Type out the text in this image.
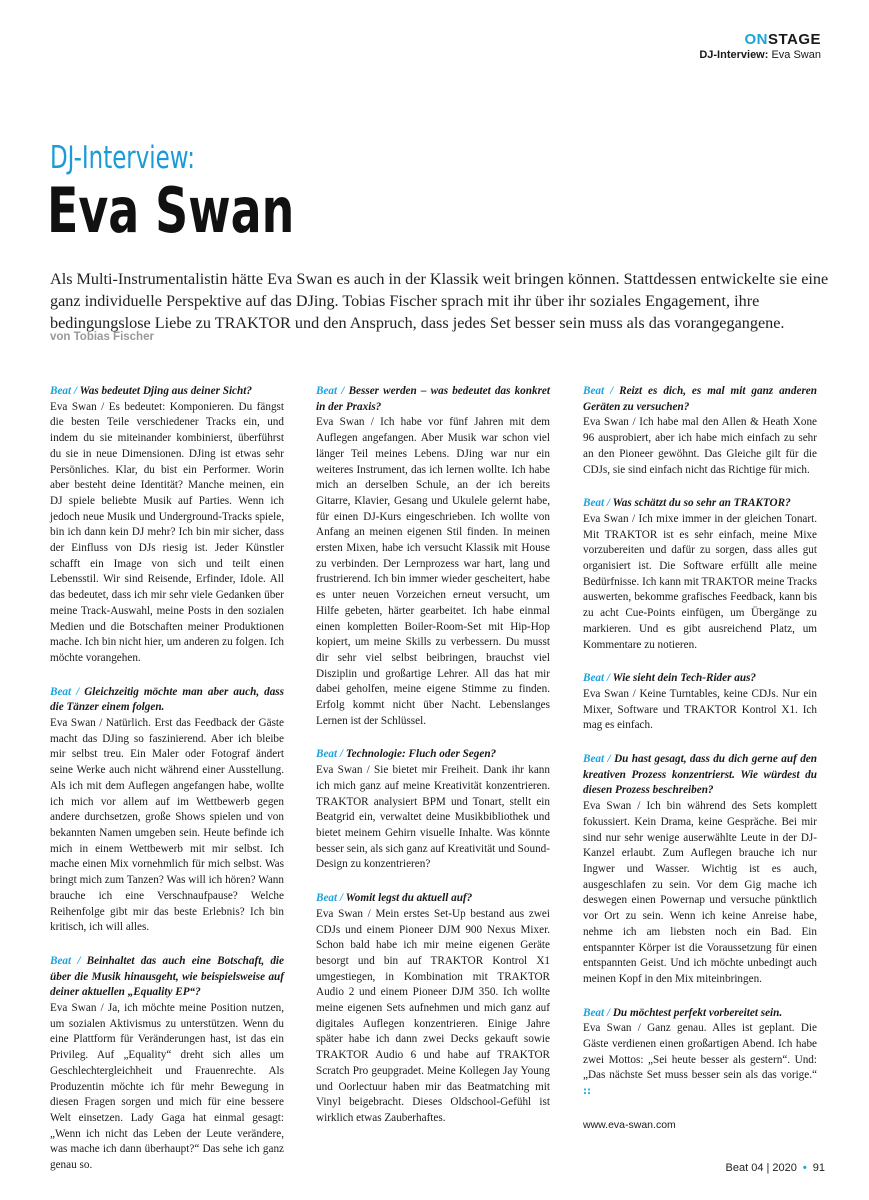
ONSTAGE
DJ-Interview: Eva Swan
DJ-Interview:
Eva Swan
Als Multi-Instrumentalistin hätte Eva Swan es auch in der Klassik weit bringen können. Stattdessen entwickelte sie eine ganz individuelle Perspektive auf das DJing. Tobias Fischer sprach mit ihr über ihr soziales Engagement, ihre bedingungslose Liebe zu TRAKTOR und den Anspruch, dass jedes Set besser sein muss als das vorangegangene.
von Tobias Fischer

Beat / Was bedeutet Djing aus deiner Sicht?

Eva Swan / Es bedeutet: Komponieren. Du fängst die besten Teile verschiedener Tracks ein, und indem du sie miteinander kombinierst, überführst du sie in neue Dimensionen. DJing ist etwas sehr Persönliches. Klar, du bist ein Performer. Worin aber besteht deine Identität? Manche meinen, ein DJ spiele beliebte Musik auf Parties. Wenn ich jedoch neue Musik und Underground-Tracks spiele, bin ich dann kein DJ mehr? Ich bin mir sicher, dass der Einfluss von DJs riesig ist. Jeder Künstler schafft ein Image von sich und teilt einen Lebensstil. Wir sind Reisende, Erfinder, Idole. All das bedeutet, dass ich mir sehr viele Gedanken über meine Track-Auswahl, meine Posts in den sozialen Medien und die Botschaften meiner Produktionen mache. Ich bin nicht hier, um anderen zu folgen. Ich möchte vorangehen.

Beat / Gleichzeitig möchte man aber auch, dass die Tänzer einem folgen.

Eva Swan / Natürlich. Erst das Feedback der Gäste macht das DJing so faszinierend. Aber ich bleibe mir selbst treu. Ein Maler oder Fotograf ändert seine Werke auch nicht während einer Ausstellung. Als ich mit dem Auflegen angefangen habe, wollte ich mich vor allem auf im Wettbewerb gegen andere durchsetzen, große Shows spielen und von bekannten Namen umgeben sein. Heute befinde ich mich in einem Wettbewerb mit mir selbst. Ich mache einen Mix vornehmlich für mich selbst. Was bringt mich zum Tanzen? Was will ich hören? Wann brauche ich eine Verschnaufpause? Welche Reihenfolge gibt mir das beste Erlebnis? Ich bin kritisch, ich will alles.

Beat / Beinhaltet das auch eine Botschaft, die über die Musik hinausgeht, wie beispielsweise auf deiner aktuellen „Equality EP“?

Eva Swan / Ja, ich möchte meine Position nutzen, um sozialen Aktivismus zu unterstützen. Wenn du eine Plattform für Veränderungen hast, ist das ein Privileg. Auf „Equality“ dreht sich alles um Geschlechtergleichheit und Frauenrechte. Als Produzentin möchte ich für mehr Bewegung in diesen Fragen sorgen und mich für eine bessere Welt einsetzen. Lady Gaga hat einmal gesagt: „Wenn ich nicht das Leben der Leute verändere, was mache ich dann überhaupt?“ Das sehe ich ganz genau so.

Beat / Besser werden – was bedeutet das konkret in der Praxis?

Eva Swan / Ich habe vor fünf Jahren mit dem Auflegen angefangen. Aber Musik war schon viel länger Teil meines Lebens. DJing war nur ein weiteres Instrument, das ich lernen wollte. Ich habe mich an derselben Schule, an der ich bereits Gitarre, Klavier, Gesang und Ukulele gelernt habe, für einen DJ-Kurs eingeschrieben. Ich wollte von Anfang an meinen eigenen Stil finden. In meinen ersten Mixen, habe ich versucht Klassik mit House zu verbinden. Der Lernprozess war hart, lang und frustrierend. Ich bin immer wieder gescheitert, habe es unter neuen Vorzeichen erneut versucht, um Hilfe gebeten, härter gearbeitet. Ich habe einmal einen kompletten Boiler-Room-Set mit Hip-Hop kopiert, um meine Skills zu verbessern. Du musst dir sehr viel selbst beibringen, brauchst viel Disziplin und großartige Lehrer. All das hat mir dabei geholfen, meine eigene Stimme zu finden. Erfolg kommt nicht über Nacht. Lebenslanges Lernen ist der Schlüssel.

Beat / Technologie: Fluch oder Segen?

Eva Swan / Sie bietet mir Freiheit. Dank ihr kann ich mich ganz auf meine Kreativität konzentrieren. TRAKTOR analysiert BPM und Tonart, stellt ein Beatgrid ein, verwaltet deine Musikbibliothek und bietet meinem Gehirn visuelle Inhalte. Was könnte besser sein, als sich ganz auf Kreativität und Sound-Design zu konzentrieren?

Beat / Womit legst du aktuell auf?

Eva Swan / Mein erstes Set-Up bestand aus zwei CDJs und einem Pioneer DJM 900 Nexus Mixer. Schon bald habe ich mir meine eigenen Geräte besorgt und bin auf TRAKTOR Kontrol X1 umgestiegen, in Kombination mit TRAKTOR Audio 2 und einem Pioneer DJM 350. Ich wollte meine eigenen Sets aufnehmen und mich ganz auf digitales Auflegen konzentrieren. Einige Jahre später habe ich dann zwei Decks gekauft sowie TRAKTOR Audio 6 und habe auf TRAKTOR Scratch Pro geupgradet. Meine Kollegen Jay Young und Oorlectuur haben mir das Beatmatching mit Vinyl beigebracht. Dieses Oldschool-Gefühl ist wirklich etwas Zauberhaftes.

Beat / Reizt es dich, es mal mit ganz anderen Geräten zu versuchen?

Eva Swan / Ich habe mal den Allen & Heath Xone 96 ausprobiert, aber ich habe mich einfach zu sehr an den Pioneer gewöhnt. Das Gleiche gilt für die CDJs, sie sind einfach nicht das Richtige für mich.

Beat / Was schätzt du so sehr an TRAKTOR?

Eva Swan / Ich mixe immer in der gleichen Tonart. Mit TRAKTOR ist es sehr einfach, meine Mixe vorzubereiten und dafür zu sorgen, dass alles gut organisiert ist. Die Software erfüllt alle meine Bedürfnisse. Ich kann mit TRAKTOR meine Tracks auswerten, bekomme grafisches Feedback, kann bis zu acht Cue-Points einfügen, um Übergänge zu markieren. Und es gibt ausreichend Platz, um Kommentare zu notieren.

Beat / Wie sieht dein Tech-Rider aus?

Eva Swan / Keine Turntables, keine CDJs. Nur ein Mixer, Software und TRAKTOR Kontrol X1. Ich mag es einfach.

Beat / Du hast gesagt, dass du dich gerne auf den kreativen Prozess konzentrierst. Wie würdest du diesen Prozess beschreiben?

Eva Swan / Ich bin während des Sets komplett fokussiert. Kein Drama, keine Gespräche. Bei mir sind nur sehr wenige auserwählte Leute in der DJ-Kanzel erlaubt. Zum Auflegen brauche ich nur Ingwer und Wasser. Wichtig ist es auch, ausgeschlafen zu sein. Vor dem Gig mache ich deswegen einen Powernap und versuche pünktlich vor Ort zu sein. Wenn ich keine Anreise habe, nehme ich am liebsten noch ein Bad. Ein entspannter Körper ist die Voraussetzung für einen entspannten Geist. Und ich möchte unbedingt auch meinen Kopf in den Mix miteinbringen.

Beat / Du möchtest perfekt vorbereitet sein.

Eva Swan / Ganz genau. Alles ist geplant. Die Gäste verdienen einen großartigen Abend. Ich habe zwei Mottos: „Sei heute besser als gestern“. Und: „Das nächste Set muss besser sein als das vorige.“ ::

www.eva-swan.com
Beat 04 | 2020 • 91
